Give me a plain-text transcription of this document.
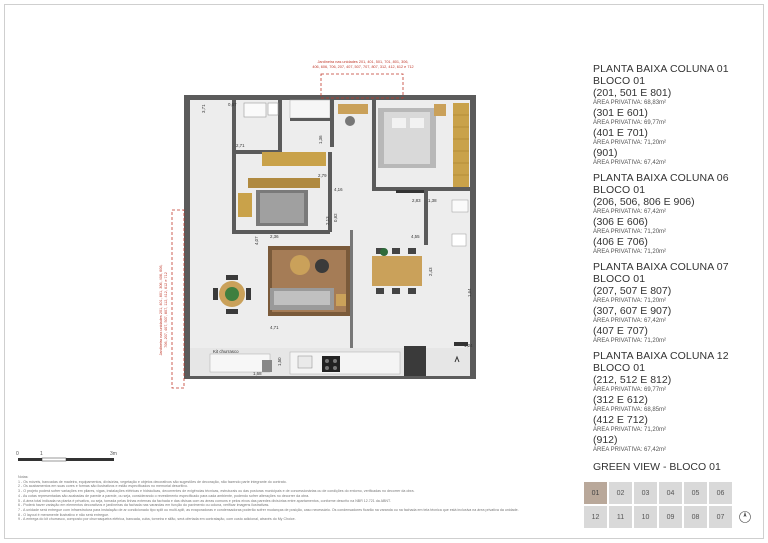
0,67
3,71
1,36
2,71
2,79
4,16
2,83 1,38
2,13 0,82
4,07	2,36	4,55
2,43
1,64
4,71
1,24
1,68
1,50
Kit churrasco
Jardineira nas unidades 201, 401, 501, 701, 801, 306,
406, 606, 706, 207, 407, 507, 707, 807, 312, 412, 612 e 712
Jardineira nas unidades 201, 401, 801, 306, 406, 606, 706, 207, 407, 507, 807, 112, 412, 612 e 712
0	1	3m
PLANTA BAIXA COLUNA 01
BLOCO 01
(201, 501 E 801)
ÁREA PRIVATIVA: 68,83m²
(301 E 601)
ÁREA PRIVATIVA: 69,77m²
(401 E 701)
ÁREA PRIVATIVA: 71,20m²
(901)
ÁREA PRIVATIVA: 67,42m²
PLANTA BAIXA COLUNA 06
BLOCO 01
(206, 506, 806 E 906)
ÁREA PRIVATIVA: 67,42m²
(306 E 606)
ÁREA PRIVATIVA: 71,20m²
(406 E 706)
ÁREA PRIVATIVA: 71,20m²
PLANTA BAIXA COLUNA 07
BLOCO 01
(207, 507 E 807)
ÁREA PRIVATIVA: 71,20m²
(307, 607 E 907)
ÁREA PRIVATIVA: 67,42m²
(407 E 707)
ÁREA PRIVATIVA: 71,20m²
PLANTA BAIXA COLUNA 12
BLOCO 01
(212, 512 E 812)
ÁREA PRIVATIVA: 69,77m²
(312 E 612)
ÁREA PRIVATIVA: 68,85m²
(412 E 712)
ÁREA PRIVATIVA: 71,20m²
(912)
ÁREA PRIVATIVA: 67,42m²
GREEN VIEW - BLOCO 01
01	02	03	04	05	06
12	11	10	09	08	07
Notas:
1 - Os móveis, bancadas de madeira, equipamentos, divisórias, vegetação e objetos decorativos são sugestões de decoração, não fazendo parte integrante do contrato.
2 - Os acabamentos em suas cores e formas são ilustrativos e estão especificados no memorial descritivo.
3 - O projeto poderá sofrer variações em pilares, vigas, instalações elétricas e hidráulicas, decorrentes de exigências técnicas, estruturais ou das posturas municipais e de concessionárias ou de condições do entorno, verificadas no decorrer da obra.
4 - As cotas representadas são acabadas de parede a parede, ou seja, considerando o revestimento especificado para cada ambiente, podendo sofrer alterações no decorrer da obra.
5 - A área total indicada na planta é privativa, ou seja, tomada pelas linhas externas da fachada e das divisas com as áreas comuns e pelos eixos das paredes divisórias entre apartamentos, conforme descrito na NBR 12.721 da ABNT.
6 - Poderá haver variação em elementos decorativos e jardineiras da fachada nas varandas em função do pavimento ou coluna, verificar imagens ilustrativas.
7 - A unidade será entregue com infraestrutura para instalação de ar condicionado tipo split ou multi-split, as evaporadoras e condensadoras poderão sofrer mudanças de posição, caso necessário. Os condensadores ficarão na varanda ou na fachada em tela técnica que está inclusiva na área privativa da unidade.
8 - O layout é meramente ilustrativo e não será entregue.
9 - A entrega do kit churrasco, composto por churrasqueira elétrica, bancada, cuba, torneira e sifão, será ofertada em contratação, com custo adicional, através do My Choice.
